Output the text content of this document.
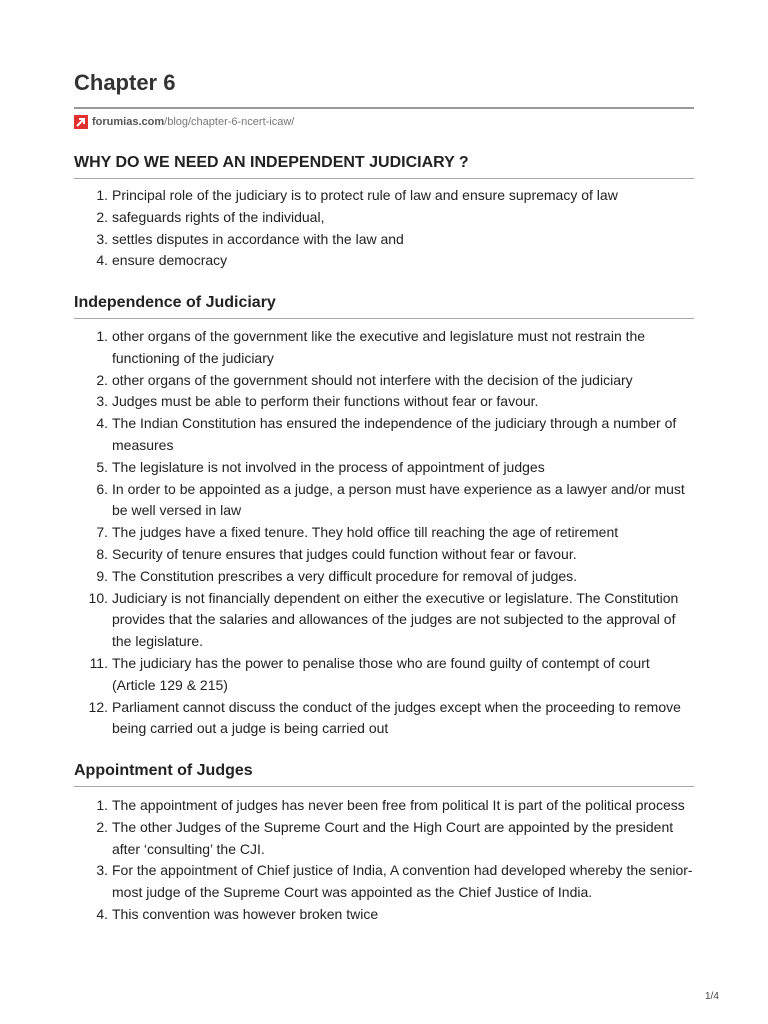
Chapter 6
forumias.com /blog/chapter-6-ncert-icaw/
WHY DO WE NEED AN INDEPENDENT JUDICIARY ?
1. Principal role of the judiciary is to protect rule of law and ensure supremacy of law
2. safeguards rights of the individual,
3. settles disputes in accordance with the law and
4. ensure democracy
Independence of Judiciary
1. other organs of the government like the executive and legislature must not restrain the functioning of the judiciary
2. other organs of the government should not interfere with the decision of the judiciary
3. Judges must be able to perform their functions without fear or favour.
4. The Indian Constitution has ensured the independence of the judiciary through a number of measures
5. The legislature is not involved in the process of appointment of judges
6. In order to be appointed as a judge, a person must have experience as a lawyer and/or must be well versed in law
7. The judges have a fixed tenure. They hold office till reaching the age of retirement
8. Security of tenure ensures that judges could function without fear or favour.
9. The Constitution prescribes a very difficult procedure for removal of judges.
10. Judiciary is not financially dependent on either the executive or legislature. The Constitution provides that the salaries and allowances of the judges are not subjected to the approval of the legislature.
11. The judiciary has the power to penalise those who are found guilty of contempt of court (Article 129 & 215)
12. Parliament cannot discuss the conduct of the judges except when the proceeding to remove being carried out a judge is being carried out
Appointment of Judges
1. The appointment of judges has never been free from political It is part of the political process
2. The other Judges of the Supreme Court and the High Court are appointed by the president after ‘consulting’ the CJI.
3. For the appointment of Chief justice of India, A convention had developed whereby the senior-most judge of the Supreme Court was appointed as the Chief Justice of India.
4. This convention was however broken twice
1/4
